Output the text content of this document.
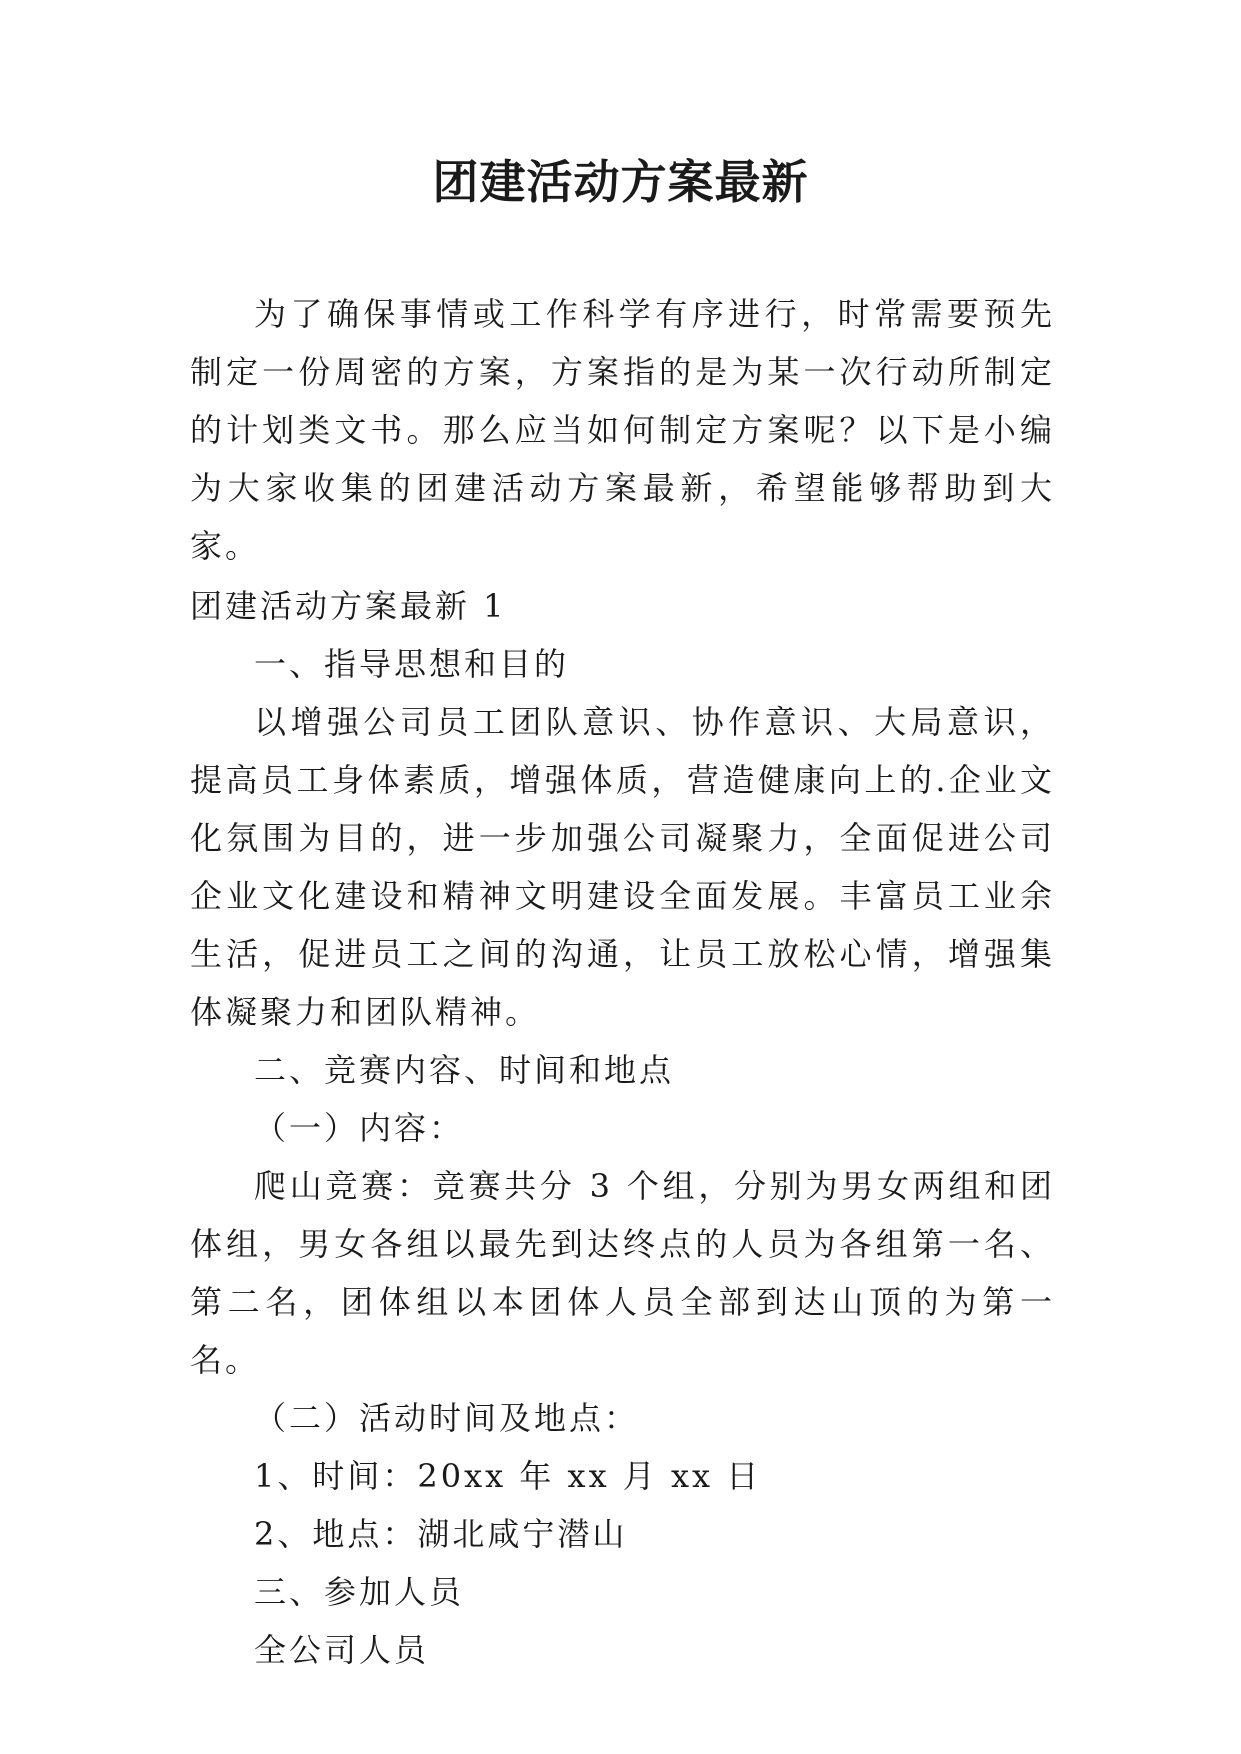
团建活动方案最新

为了确保事情或工作科学有序进行，时常需要预先制定一份周密的方案，方案指的是为某一次行动所制定的计划类文书。那么应当如何制定方案呢？以下是小编为大家收集的团建活动方案最新，希望能够帮助到大家。

团建活动方案最新 1

一、指导思想和目的

以增强公司员工团队意识、协作意识、大局意识，提高员工身体素质，增强体质，营造健康向上的.企业文化氛围为目的，进一步加强公司凝聚力，全面促进公司企业文化建设和精神文明建设全面发展。丰富员工业余生活，促进员工之间的沟通，让员工放松心情，增强集体凝聚力和团队精神。

二、竞赛内容、时间和地点

（一）内容：

爬山竞赛：竞赛共分 3 个组，分别为男女两组和团体组，男女各组以最先到达终点的人员为各组第一名、第二名，团体组以本团体人员全部到达山顶的为第一名。

（二）活动时间及地点：

1、时间：20xx 年 xx 月 xx 日

2、地点：湖北咸宁潜山

三、参加人员

全公司人员
